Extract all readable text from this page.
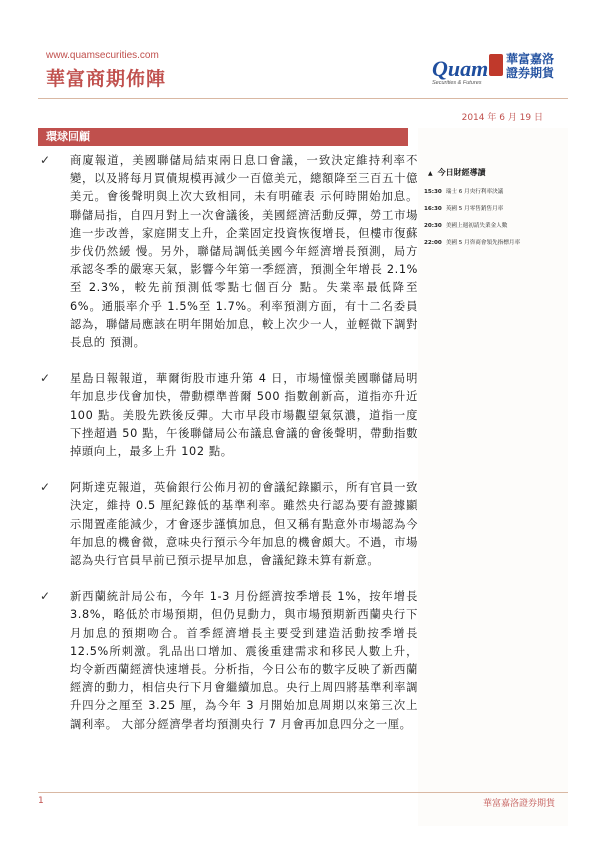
www.quamsecurities.com
華富商期佈陣	Quam 華富嘉洛
證券期貨
Securities & Futures
2014 年 6 月 19 日
環球回顧
✓ 商廈報道，美國聯儲局結束兩日息口會議，一致決定維持利率不變，以及將每月買債規模再減少一百億美元，總額降至三百五十億美元。會後聲明與上次大致相同，未有明確表 示何時開始加息。聯儲局指，自四月對上一次會議後，美國經濟活動反彈，勞工市場進一步改善，家庭開支上升，企業固定投資恢復增長，但樓市復蘇步伐仍然緩 慢。另外，聯儲局調低美國今年經濟增長預測，局方承認冬季的嚴寒天氣，影響今年第一季經濟，預測全年增長 2.1%至 2.3%，較先前預測低零點七個百分 點。失業率最低降至 6%。通脹率介乎 1.5%至 1.7%。利率預測方面，有十二名委員認為，聯儲局應該在明年開始加息，較上次少一人，並輕微下調對長息的 預測。
✓ 星島日報報道，華爾街股市連升第 4 日，市場憧憬美國聯儲局明年加息步伐會加快，帶動標準普爾 500 指數創新高，道指亦升近 100 點。美股先跌後反彈。大市早段市場觀望氣氛濃，道指一度下挫超過 50 點，午後聯儲局公布議息會議的會後聲明，帶動指數掉頭向上，最多上升 102 點。
✓ 阿斯達克報道，英倫銀行公佈月初的會議紀錄顯示，所有官員一致決定，維持 0.5 厘紀錄低的基準利率。雖然央行認為要有證據顯示閒置產能減少，才會逐步謹慎加息，但又稱有點意外市場認為今年加息的機會微，意味央行預示今年加息的機會頗大。不過，市場認為央行官員早前已預示提早加息，會議紀錄未算有新意。
✓ 新西蘭統計局公布，今年 1-3 月份經濟按季增長 1%，按年增長 3.8%，略低於市場預期，但仍見動力，與市場預期新西蘭央行下月加息的預期吻合。首季經濟增長主要受到建造活動按季增長 12.5%所刺激。乳品出口增加、震後重建需求和移民人數上升，均令新西蘭經濟快速增長。分析指，今日公布的數字反映了新西蘭經濟的動力，相信央行下月會繼續加息。央行上周四將基準利率調升四分之厘至 3.25 厘，為今年 3 月開始加息周期以來第三次上調利率。 大部分經濟學者均預測央行 7 月會再加息四分之一厘。
▲ 今日財經導讀
15:30 瑞士 6 月央行利率決議
16:30 英國 5 月零售銷售月率
20:30 美國上週初請失業金人數
22:00 美國 5 月咨商會領先指標月率
1	華富嘉洛證券期貨
